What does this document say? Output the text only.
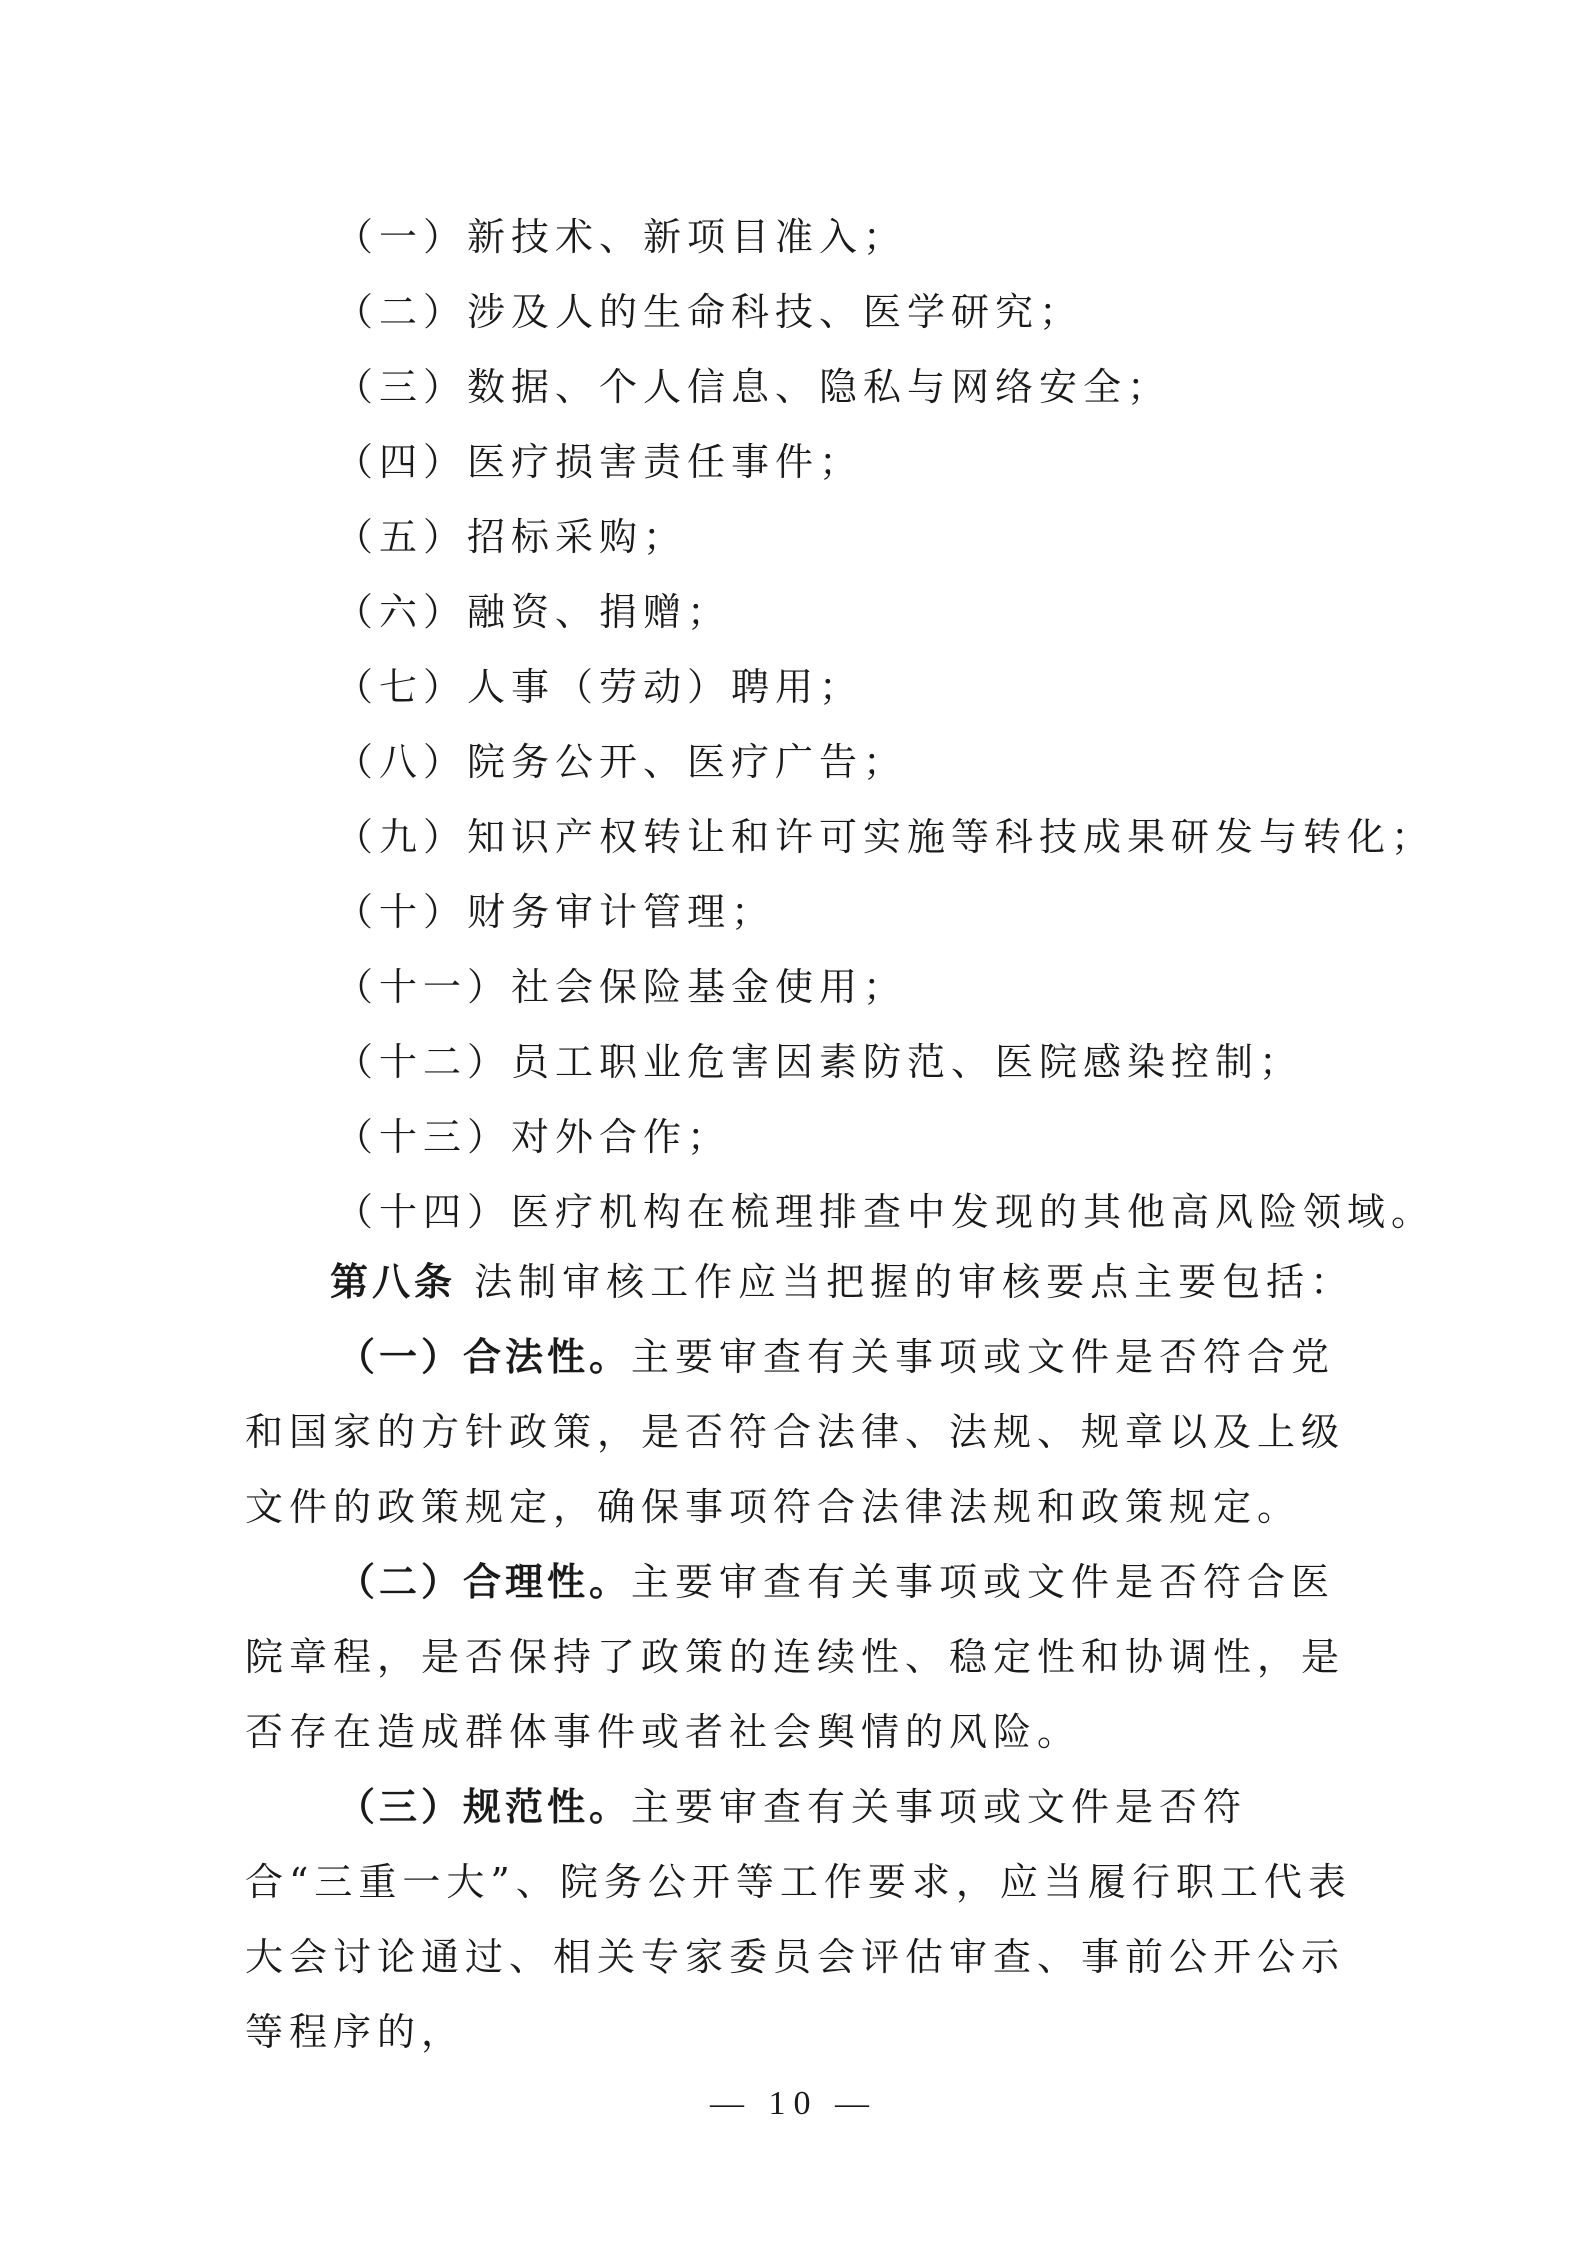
（一）新技术、新项目准入；
（二）涉及人的生命科技、医学研究；
（三）数据、个人信息、隐私与网络安全；
（四）医疗损害责任事件；
（五）招标采购；
（六）融资、捐赠；
（七）人事（劳动）聘用；
（八）院务公开、医疗广告；
（九）知识产权转让和许可实施等科技成果研发与转化；
（十）财务审计管理；
（十一）社会保险基金使用；
（十二）员工职业危害因素防范、医院感染控制；
（十三）对外合作；
（十四）医疗机构在梳理排查中发现的其他高风险领域。
第八条 法制审核工作应当把握的审核要点主要包括：

（一）合法性。主要审查有关事项或文件是否符合党和国家的方针政策，是否符合法律、法规、规章以及上级文件的政策规定，确保事项符合法律法规和政策规定。

（二）合理性。主要审查有关事项或文件是否符合医院章程，是否保持了政策的连续性、稳定性和协调性，是否存在造成群体事件或者社会舆情的风险。

（三）规范性。主要审查有关事项或文件是否符合“三重一大”、院务公开等工作要求，应当履行职工代表大会讨论通过、相关专家委员会评估审查、事前公开公示等程序的，

— 10 —
